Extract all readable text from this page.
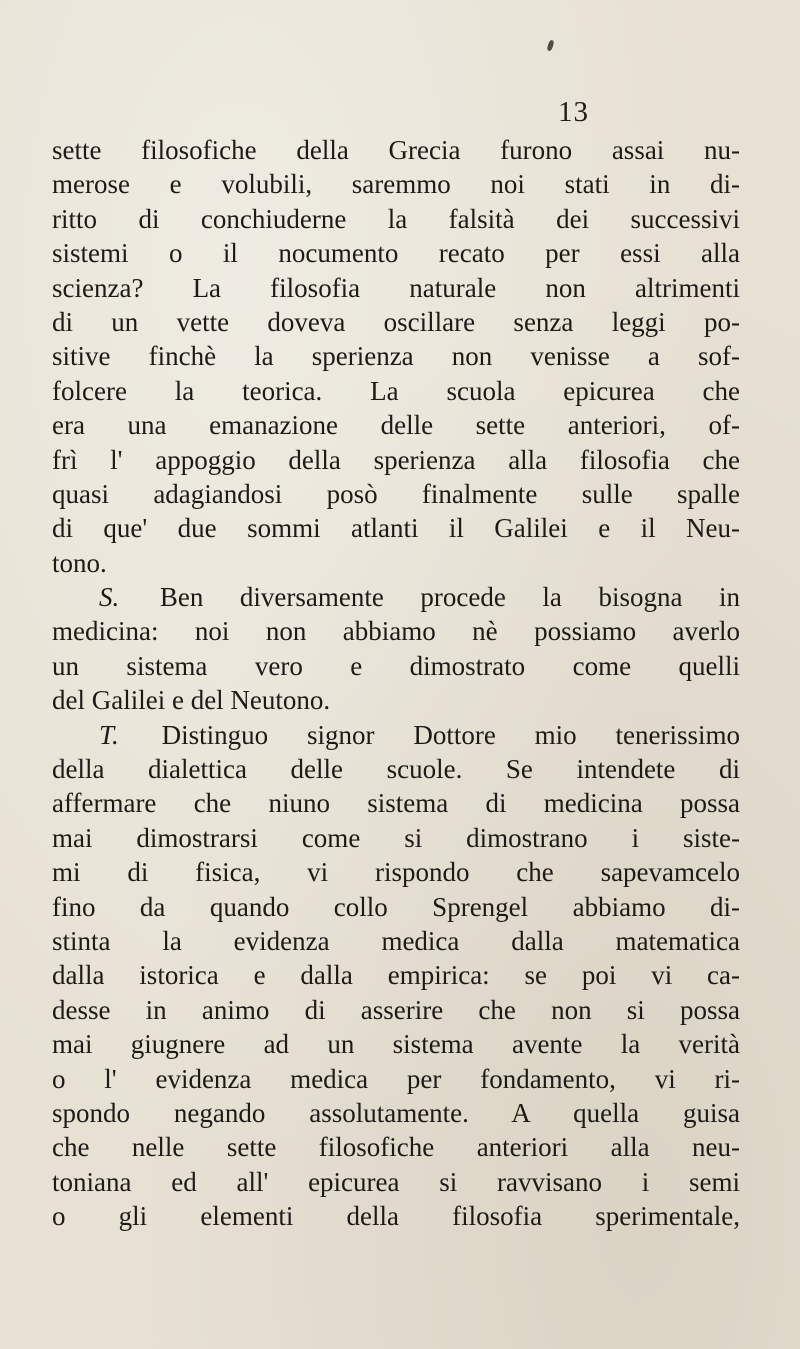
13
sette filosofiche della Grecia furono assai nu-
merose e volubili, saremmo noi stati in di-
ritto di conchiuderne la falsità dei successivi
sistemi o il nocumento recato per essi alla
scienza? La filosofia naturale non altrimenti
di un vette doveva oscillare senza leggi po-
sitive finchè la sperienza non venisse a sof-
folcere la teorica. La scuola epicurea che
era una emanazione delle sette anteriori, of-
frì l' appoggio della sperienza alla filosofia che
quasi adagiandosi posò finalmente sulle spalle
di que' due sommi atlanti il Galilei e il Neu-
tono.
S. Ben diversamente procede la bisogna in
medicina: noi non abbiamo nè possiamo averlo
un sistema vero e dimostrato come quelli
del Galilei e del Neutono.
T. Distinguo signor Dottore mio tenerissimo
della dialettica delle scuole. Se intendete di
affermare che niuno sistema di medicina possa
mai dimostrarsi come si dimostrano i siste-
mi di fisica, vi rispondo che sapevamcelo
fino da quando collo Sprengel abbiamo di-
stinta la evidenza medica dalla matematica
dalla istorica e dalla empirica: se poi vi ca-
desse in animo di asserire che non si possa
mai giugnere ad un sistema avente la verità
o l' evidenza medica per fondamento, vi ri-
spondo negando assolutamente. A quella guisa
che nelle sette filosofiche anteriori alla neu-
toniana ed all' epicurea si ravvisano i semi
o gli elementi della filosofia sperimentale,
